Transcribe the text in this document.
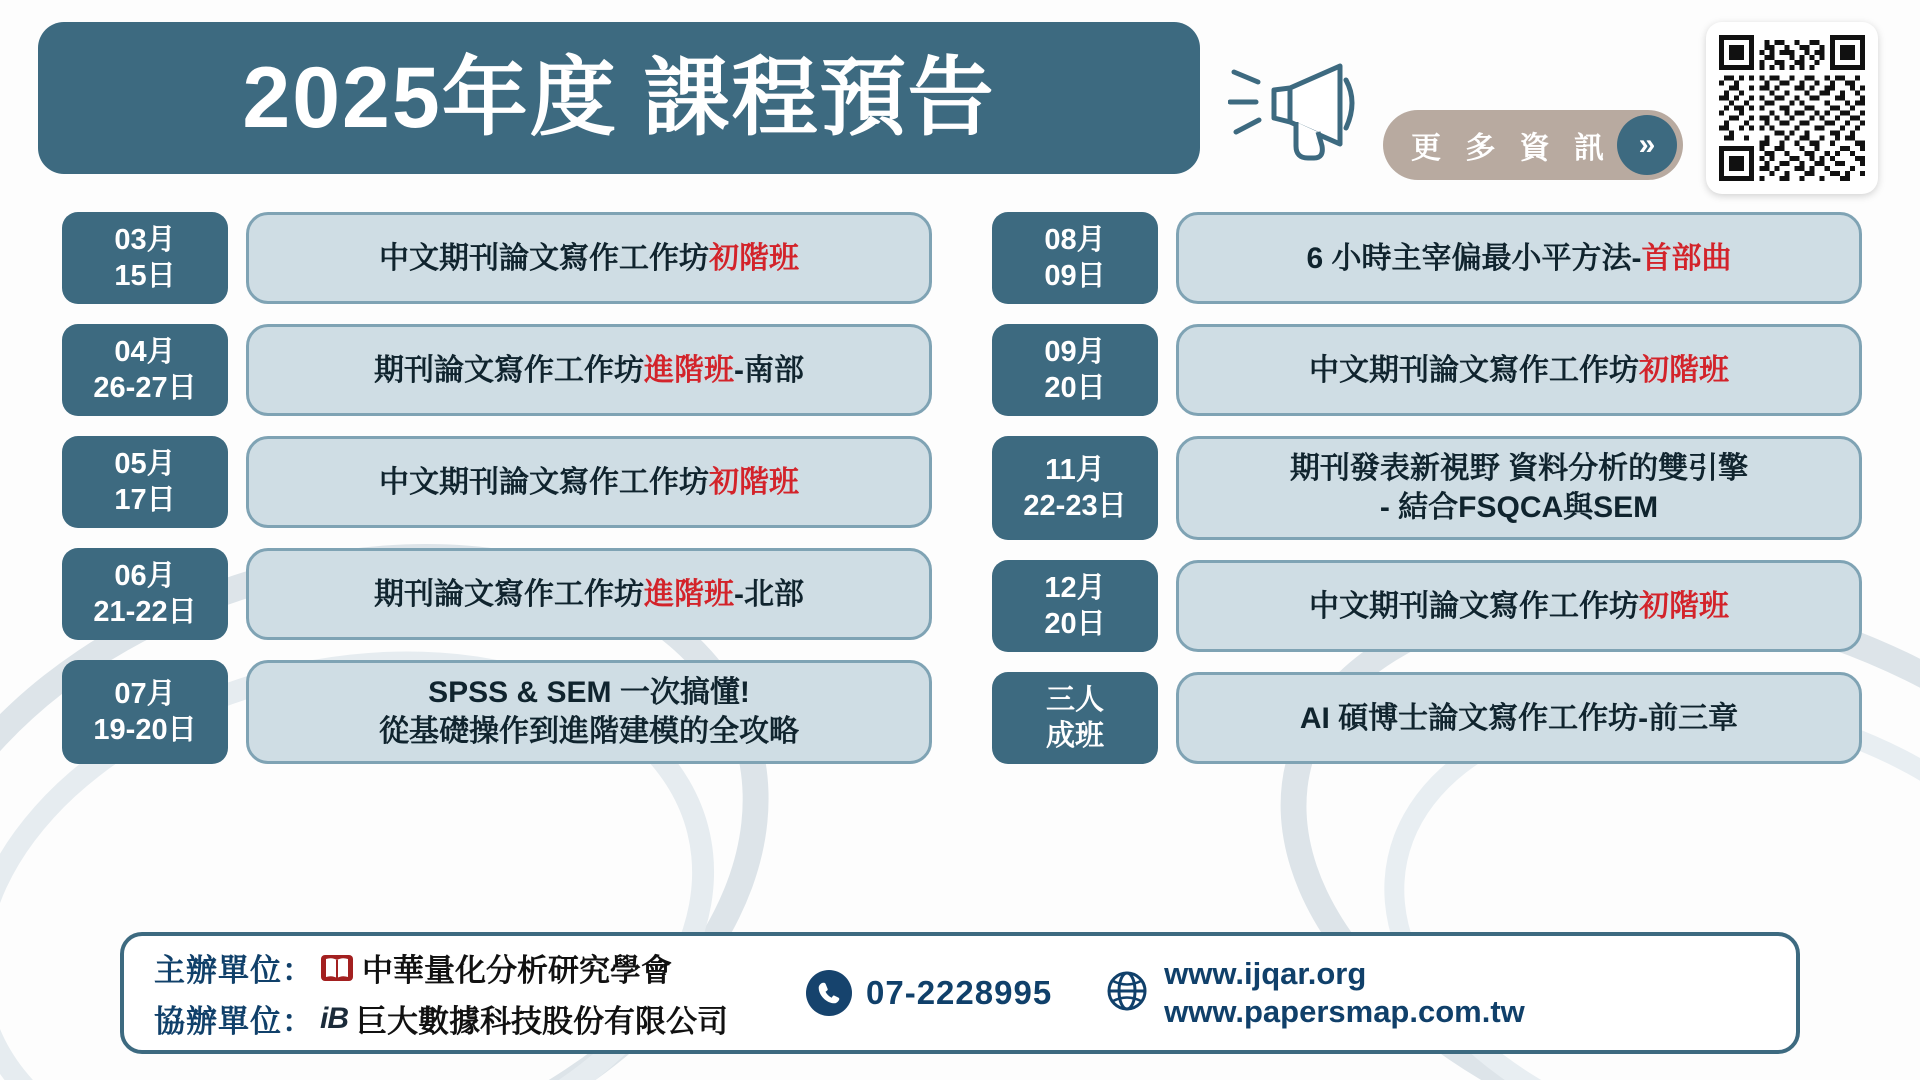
2025年度 課程預告
更 多 資 訊 »
03月
15日
中文期刊論文寫作工作坊初階班
04月
26-27日
期刊論文寫作工作坊進階班-南部
05月
17日
中文期刊論文寫作工作坊初階班
06月
21-22日
期刊論文寫作工作坊進階班-北部
07月
19-20日
SPSS & SEM 一次搞懂!
從基礎操作到進階建模的全攻略
08月
09日
6 小時主宰偏最小平方法-首部曲
09月
20日
中文期刊論文寫作工作坊初階班
11月
22-23日
期刊發表新視野 資料分析的雙引擎
- 結合FSQCA與SEM
12月
20日
中文期刊論文寫作工作坊初階班
三人
成班
AI 碩博士論文寫作工作坊-前三章
主辦單位： 中華量化分析研究學會
協辦單位： iB 巨大數據科技股份有限公司
07-2228995
www.ijqar.org
www.papersmap.com.tw
